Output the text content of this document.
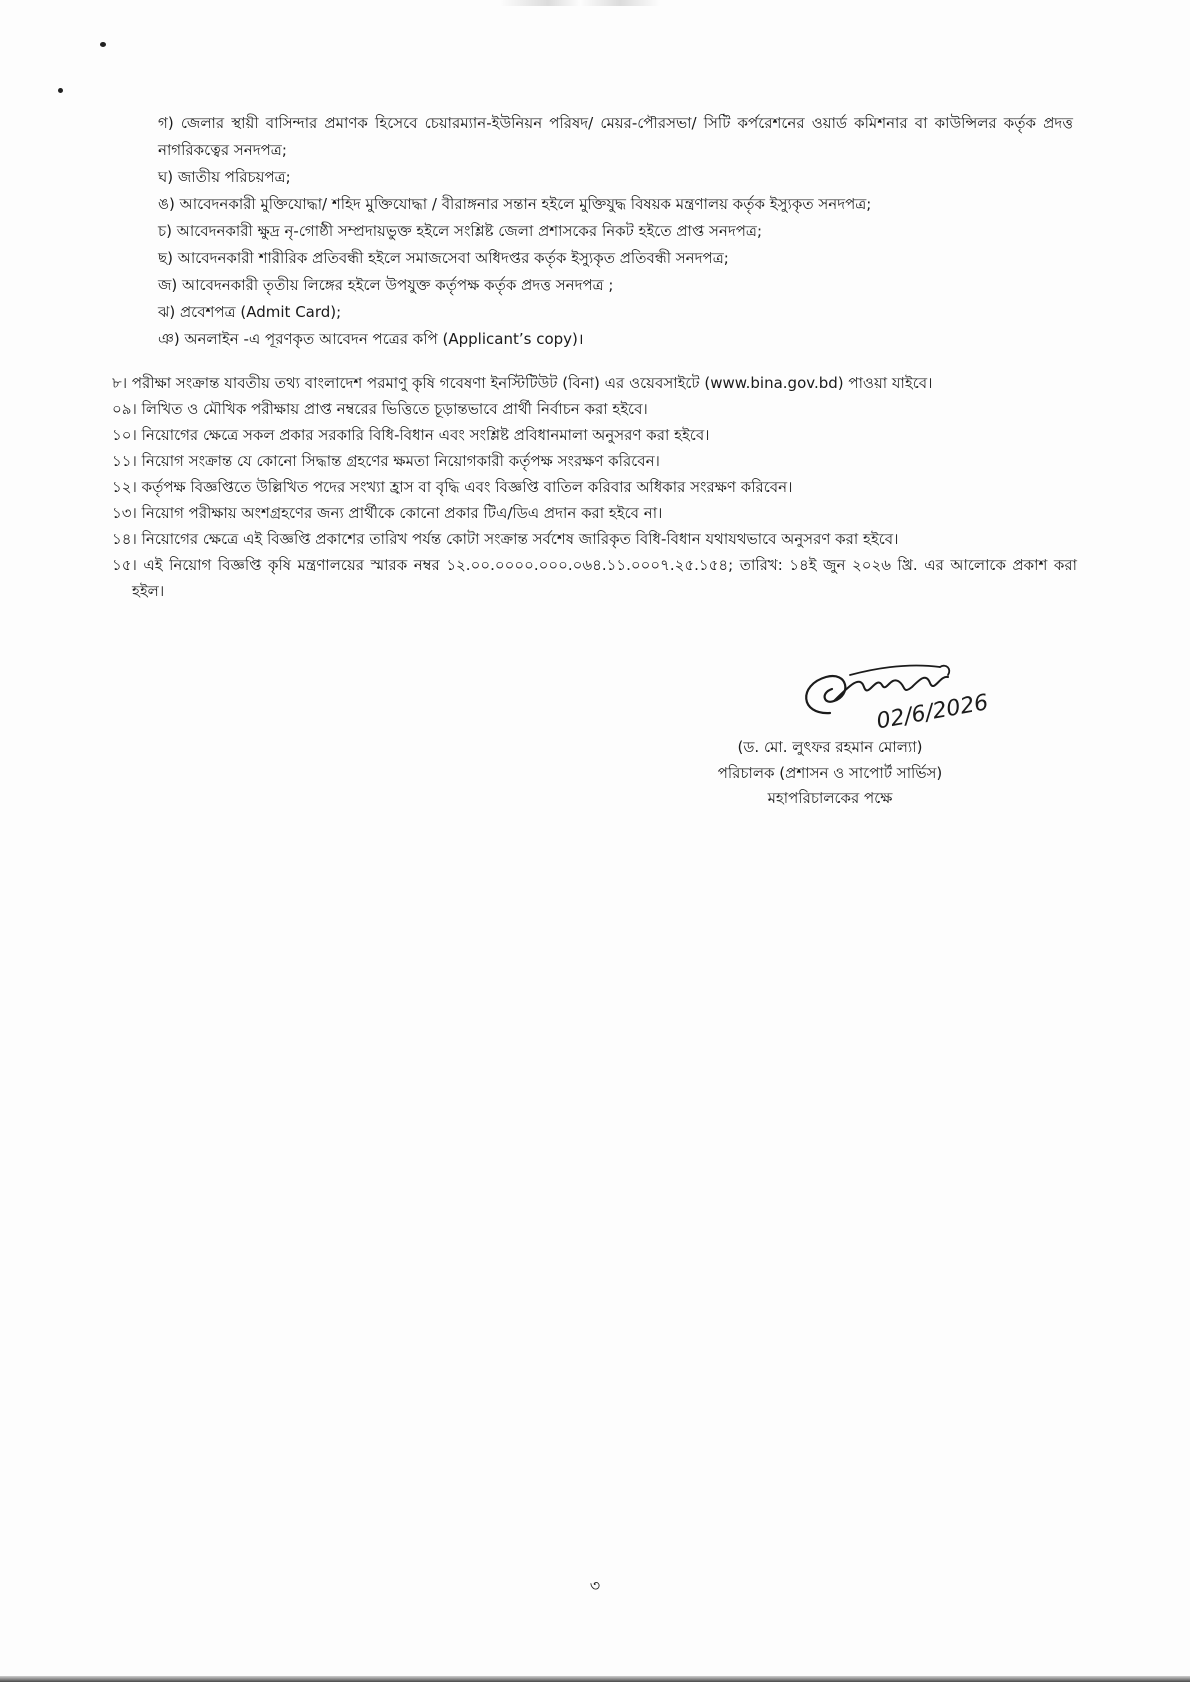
গ) জেলার স্থায়ী বাসিন্দার প্রমাণক হিসেবে চেয়ারম্যান-ইউনিয়ন পরিষদ/ মেয়র-পৌরসভা/ সিটি কর্পরেশনের ওয়ার্ড কমিশনার বা কাউন্সিলর কর্তৃক প্রদত্ত নাগরিকত্বের সনদপত্র;
ঘ) জাতীয় পরিচয়পত্র;
ঙ) আবেদনকারী মুক্তিযোদ্ধা/ শহিদ মুক্তিযোদ্ধা / বীরাঙ্গনার সন্তান হইলে মুক্তিযুদ্ধ বিষয়ক মন্ত্রণালয় কর্তৃক ইস্যুকৃত সনদপত্র;
চ) আবেদনকারী ক্ষুদ্র নৃ-গোষ্ঠী সম্প্রদায়ভুক্ত হইলে সংশ্লিষ্ট জেলা প্রশাসকের নিকট হইতে প্রাপ্ত সনদপত্র;
ছ) আবেদনকারী শারীরিক প্রতিবন্ধী হইলে সমাজসেবা অধিদপ্তর কর্তৃক ইস্যুকৃত প্রতিবন্ধী সনদপত্র;
জ) আবেদনকারী তৃতীয় লিঙ্গের হইলে উপযুক্ত কর্তৃপক্ষ কর্তৃক প্রদত্ত সনদপত্র ;
ঝ) প্রবেশপত্র (Admit Card);
ঞ) অনলাইন -এ পূরণকৃত আবেদন পত্রের কপি (Applicant’s copy)।
৮। পরীক্ষা সংক্রান্ত যাবতীয় তথ্য বাংলাদেশ পরমাণু কৃষি গবেষণা ইনস্টিটিউট (বিনা) এর ওয়েবসাইটে (www.bina.gov.bd) পাওয়া যাইবে।
০৯। লিখিত ও মৌখিক পরীক্ষায় প্রাপ্ত নম্বরের ভিত্তিতে চূড়ান্তভাবে প্রার্থী নির্বাচন করা হইবে।
১০। নিয়োগের ক্ষেত্রে সকল প্রকার সরকারি বিধি-বিধান এবং সংশ্লিষ্ট প্রবিধানমালা অনুসরণ করা হইবে।
১১। নিয়োগ সংক্রান্ত যে কোনো সিদ্ধান্ত গ্রহণের ক্ষমতা নিয়োগকারী কর্তৃপক্ষ সংরক্ষণ করিবেন।
১২। কর্তৃপক্ষ বিজ্ঞপ্তিতে উল্লিখিত পদের সংখ্যা হ্রাস বা বৃদ্ধি এবং বিজ্ঞপ্তি বাতিল করিবার অধিকার সংরক্ষণ করিবেন।
১৩। নিয়োগ পরীক্ষায় অংশগ্রহণের জন্য প্রার্থীকে কোনো প্রকার টিএ/ডিএ প্রদান করা হইবে না।
১৪। নিয়োগের ক্ষেত্রে এই বিজ্ঞপ্তি প্রকাশের তারিখ পর্যন্ত কোটা সংক্রান্ত সর্বশেষ জারিকৃত বিধি-বিধান যথাযথভাবে অনুসরণ করা হইবে।
১৫। এই নিয়োগ বিজ্ঞপ্তি কৃষি মন্ত্রণালয়ের স্মারক নম্বর ১২.০০.০০০০.০০০.০৬৪.১১.০০০৭.২৫.১৫৪; তারিখ: ১৪ই জুন ২০২৬ খ্রি. এর আলোকে প্রকাশ করা হইল।
02/6/2026
(ড. মো. লুৎফর রহমান মোল্যা)
পরিচালক (প্রশাসন ও সাপোর্ট সার্ভিস)
মহাপরিচালকের পক্ষে
৩
